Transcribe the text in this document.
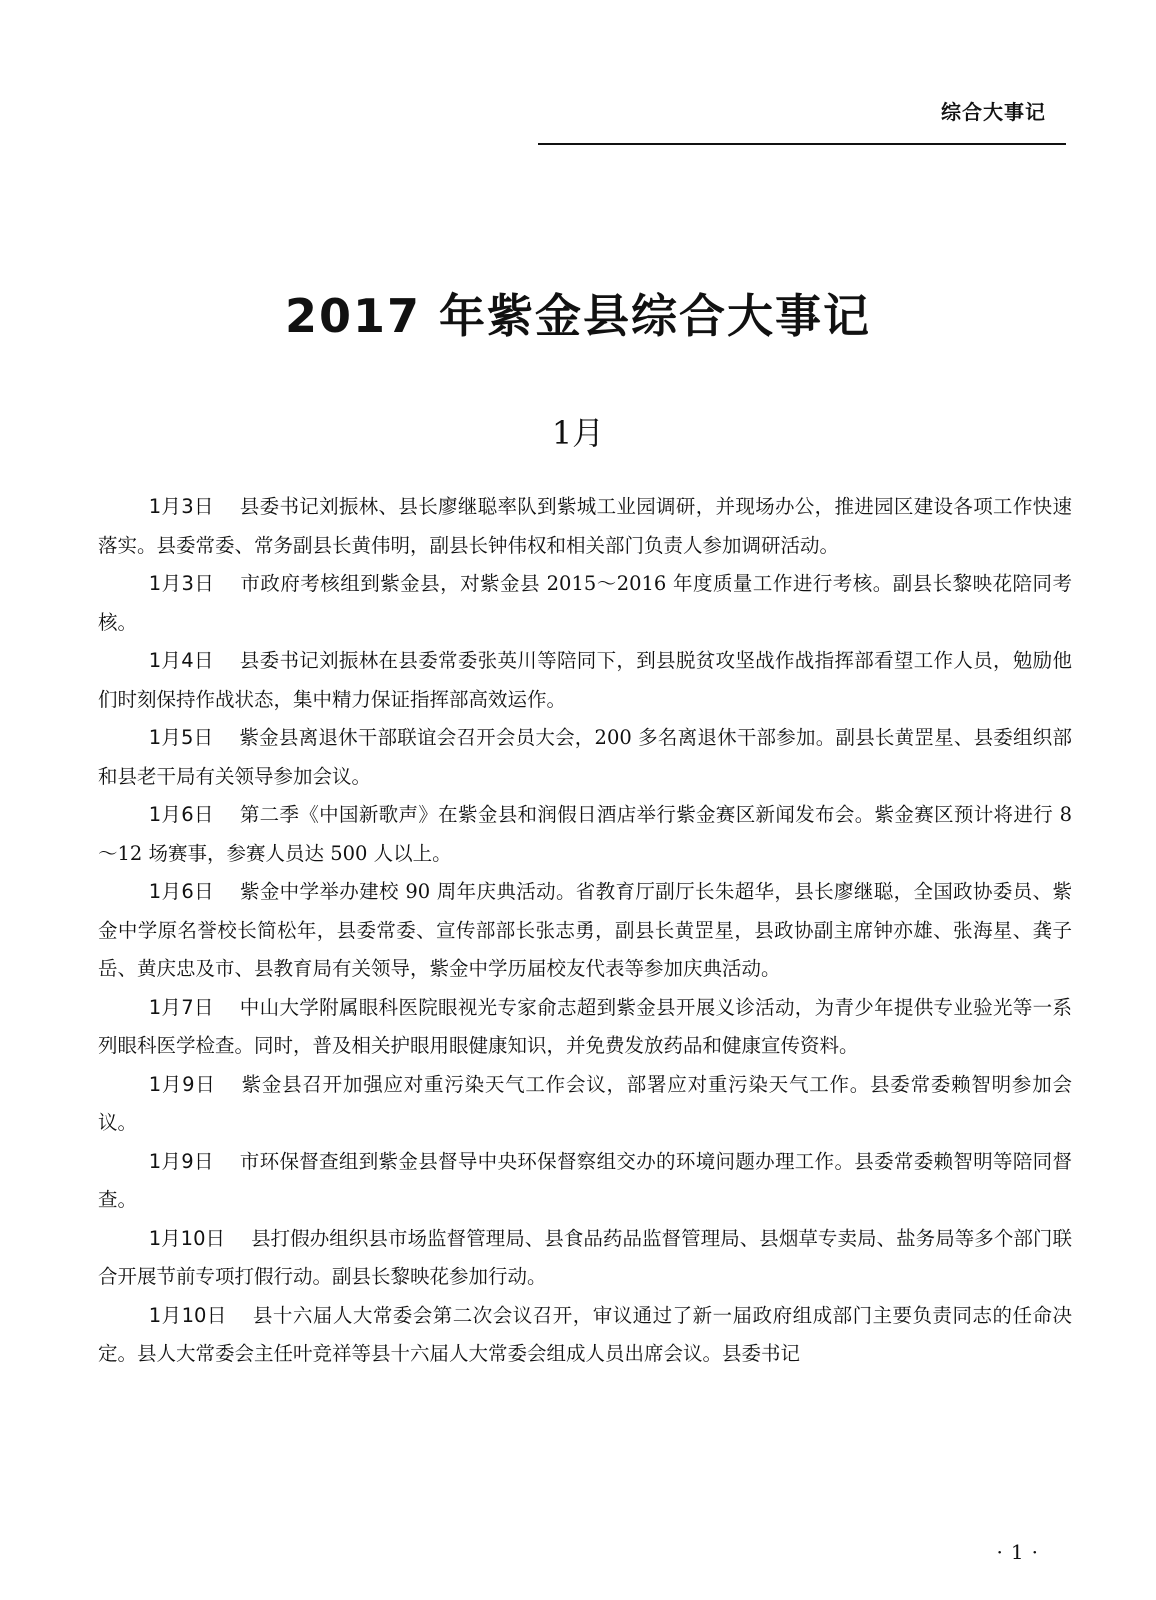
综合大事记
2017 年紫金县综合大事记
1月

1月3日 县委书记刘振林、县长廖继聪率队到紫城工业园调研，并现场办公，推进园区建设各项工作快速落实。县委常委、常务副县长黄伟明，副县长钟伟权和相关部门负责人参加调研活动。

1月3日 市政府考核组到紫金县，对紫金县 2015～2016 年度质量工作进行考核。副县长黎映花陪同考核。

1月4日 县委书记刘振林在县委常委张英川等陪同下，到县脱贫攻坚战作战指挥部看望工作人员，勉励他们时刻保持作战状态，集中精力保证指挥部高效运作。

1月5日 紫金县离退休干部联谊会召开会员大会，200 多名离退休干部参加。副县长黄罡星、县委组织部和县老干局有关领导参加会议。

1月6日 第二季《中国新歌声》在紫金县和润假日酒店举行紫金赛区新闻发布会。紫金赛区预计将进行 8～12 场赛事，参赛人员达 500 人以上。

1月6日 紫金中学举办建校 90 周年庆典活动。省教育厅副厅长朱超华，县长廖继聪，全国政协委员、紫金中学原名誉校长简松年，县委常委、宣传部部长张志勇，副县长黄罡星，县政协副主席钟亦雄、张海星、龚子岳、黄庆忠及市、县教育局有关领导，紫金中学历届校友代表等参加庆典活动。

1月7日 中山大学附属眼科医院眼视光专家俞志超到紫金县开展义诊活动，为青少年提供专业验光等一系列眼科医学检查。同时，普及相关护眼用眼健康知识，并免费发放药品和健康宣传资料。

1月9日 紫金县召开加强应对重污染天气工作会议，部署应对重污染天气工作。县委常委赖智明参加会议。

1月9日 市环保督查组到紫金县督导中央环保督察组交办的环境问题办理工作。县委常委赖智明等陪同督查。

1月10日 县打假办组织县市场监督管理局、县食品药品监督管理局、县烟草专卖局、盐务局等多个部门联合开展节前专项打假行动。副县长黎映花参加行动。

1月10日 县十六届人大常委会第二次会议召开，审议通过了新一届政府组成部门主要负责同志的任命决定。县人大常委会主任叶竞祥等县十六届人大常委会组成人员出席会议。县委书记

·1·
